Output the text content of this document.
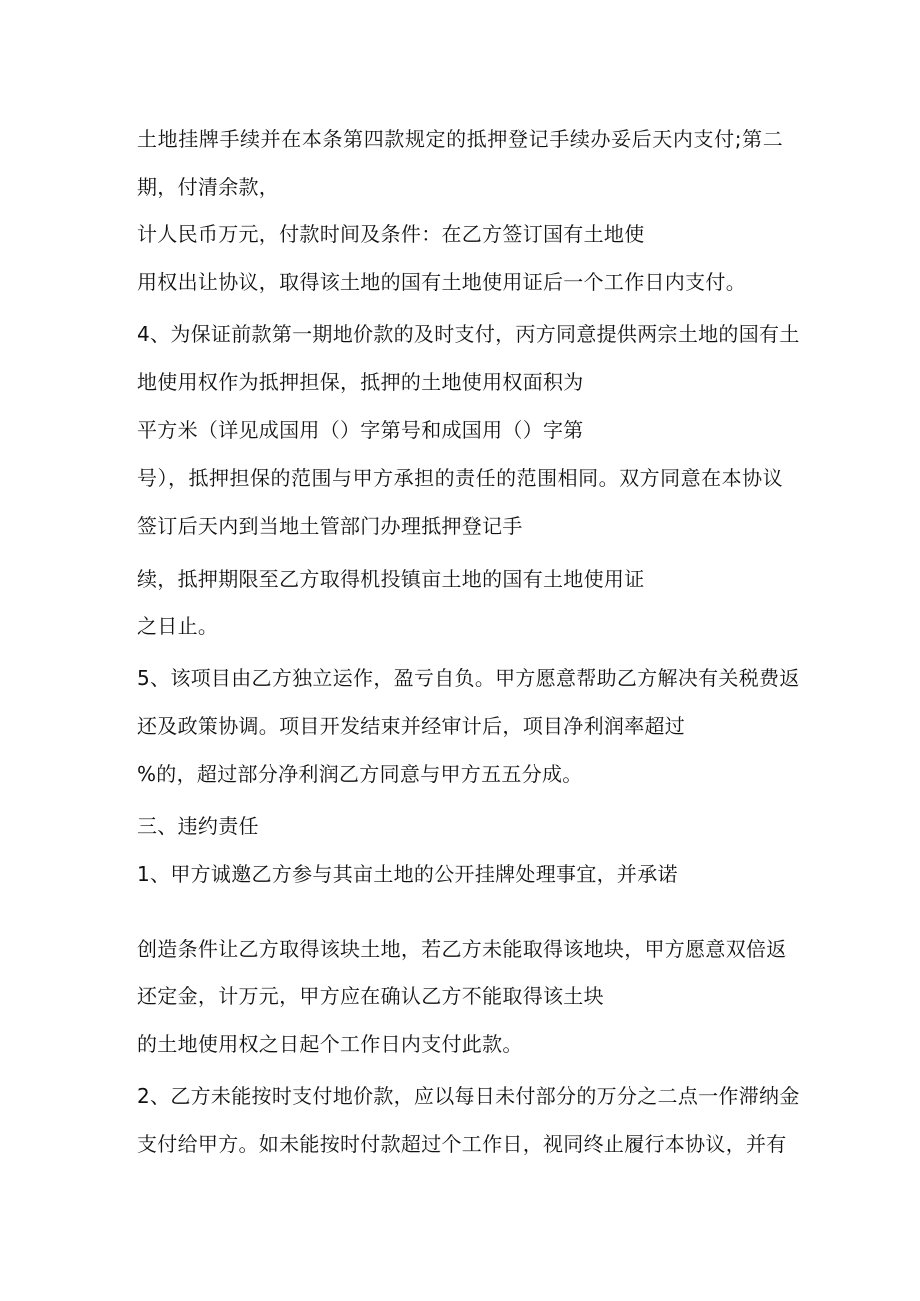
土地挂牌手续并在本条第四款规定的抵押登记手续办妥后天内支付;第二
期，付清余款，
计人民币万元，付款时间及条件：在乙方签订国有土地使
用权出让协议，取得该土地的国有土地使用证后一个工作日内支付。
4、为保证前款第一期地价款的及时支付，丙方同意提供两宗土地的国有土
地使用权作为抵押担保，抵押的土地使用权面积为
平方米（详见成国用（）字第号和成国用（）字第
号），抵押担保的范围与甲方承担的责任的范围相同。双方同意在本协议
签订后天内到当地土管部门办理抵押登记手
续，抵押期限至乙方取得机投镇亩土地的国有土地使用证
之日止。
5、该项目由乙方独立运作，盈亏自负。甲方愿意帮助乙方解决有关税费返
还及政策协调。项目开发结束并经审计后，项目净利润率超过
%的，超过部分净利润乙方同意与甲方五五分成。
三、违约责任
1、甲方诚邀乙方参与其亩土地的公开挂牌处理事宜，并承诺
创造条件让乙方取得该块土地，若乙方未能取得该地块，甲方愿意双倍返
还定金，计万元，甲方应在确认乙方不能取得该土块
的土地使用权之日起个工作日内支付此款。
2、乙方未能按时支付地价款，应以每日未付部分的万分之二点一作滞纳金
支付给甲方。如未能按时付款超过个工作日，视同终止履行本协议，并有
